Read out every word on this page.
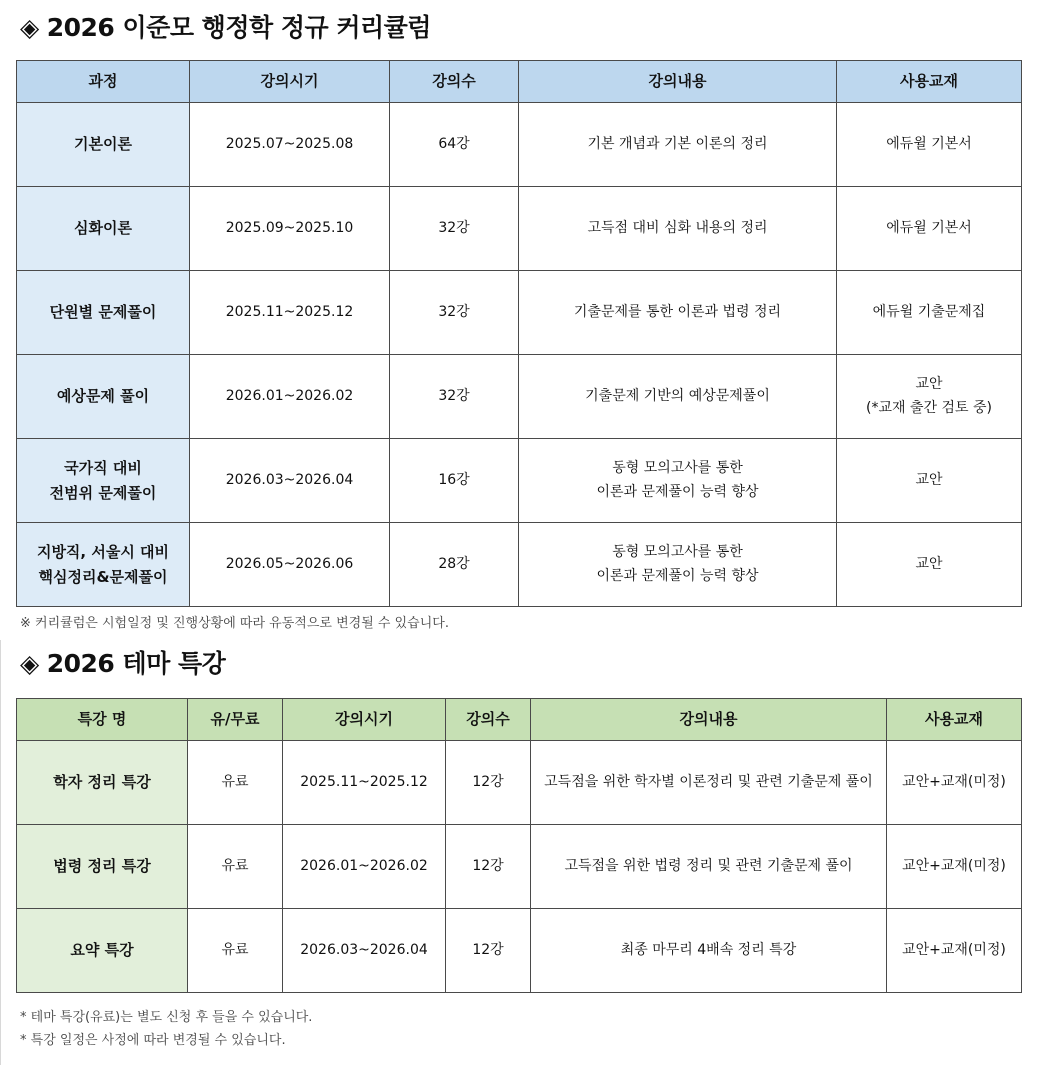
◈ 2026 이준모 행정학 정규 커리큘럼
과정	강의시기	강의수	강의내용	사용교재

기본이론	2025.07~2025.08	64강	기본 개념과 기본 이론의 정리	에듀윌 기본서

심화이론	2025.09~2025.10	32강	고득점 대비 심화 내용의 정리	에듀윌 기본서

단원별 문제풀이	2025.11~2025.12	32강	기출문제를 통한 이론과 법령 정리	에듀윌 기출문제집

예상문제 풀이	2026.01~2026.02	32강	기출문제 기반의 예상문제풀이	교안
(*교재 출간 검토 중)

국가직 대비
전범위 문제풀이	2026.03~2026.04	16강	동형 모의고사를 통한
이론과 문제풀이 능력 향상	교안

지방직, 서울시 대비
핵심정리&문제풀이	2026.05~2026.06	28강	동형 모의고사를 통한
이론과 문제풀이 능력 향상	교안
※ 커리큘럼은 시험일정 및 진행상황에 따라 유동적으로 변경될 수 있습니다.
◈ 2026 테마 특강
특강 명	유/무료	강의시기	강의수	강의내용	사용교재
학자 정리 특강	유료	2025.11~2025.12	12강	고득점을 위한 학자별 이론정리 및 관련 기출문제 풀이	교안+교재(미정)
법령 정리 특강	유료	2026.01~2026.02	12강	고득점을 위한 법령 정리 및 관련 기출문제 풀이	교안+교재(미정)
요약 특강	유료	2026.03~2026.04	12강	최종 마무리 4배속 정리 특강	교안+교재(미정)
* 테마 특강(유료)는 별도 신청 후 들을 수 있습니다.
* 특강 일정은 사정에 따라 변경될 수 있습니다.
